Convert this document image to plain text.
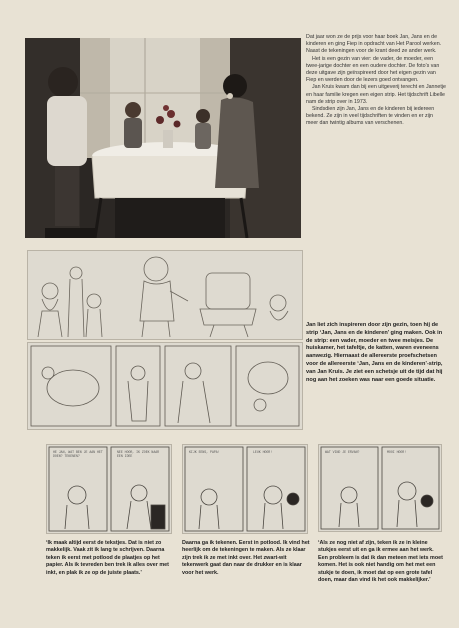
Dat jaar won ze de prijs voor haar boek Jan, Jans en de kinderen en ging Fiep in opdracht van Het Parool werken. Naast de tekeningen voor de krant deed ze ander werk.

Het is een gezin van vier: de vader, de moeder, een twee-jarige dochter en een oudere dochter. De foto’s van deze uitgave zijn geïnspireerd door het eigen gezin van Fiep en werden door de lezers goed ontvangen.

Jan Kruis kwam dan bij een uitgeverij terecht en Jannetje en haar familie kregen een eigen strip. Het tijdschrift Libelle nam de strip over in 1973.

Sindsdien zijn Jan, Jans en de kinderen bij iedereen bekend. Ze zijn in veel tijdschriften te vinden en er zijn meer dan twintig albums van verschenen.

Jan liet zich inspireren door zijn gezin, toen hij de strip ‘Jan, Jans en de kinderen’ ging maken. Ook in de strip: een vader, moeder en twee meisjes. De huiskamer, het tafeltje, de katten, waren eveneens aanwezig. Hiernaast de allereerste proefschetsen voor de allereerste ‘Jan, Jans en de kinderen’-strip, van Jan Kruis. Je ziet een schetsje uit de tijd dat hij nog aan het zoeken was naar een goede situatie.
HE JAN, WAT BEN JE AAN HET DOEN? TEKENEN?
NEE HOOR, IK ZOEK NAAR EEN IDEE
KIJK EENS, PAPA!	LEUK HOOR!	WAT VIND JE ERVAN?	MOOI HOOR!
‘Ik maak altijd eerst de tekstjes. Dat is niet zo makkelijk. Vaak zit ik lang te schrijven. Daarna teken ik eerst met potlood de plaatjes op het papier. Als ik tevreden ben trek ik alles over met inkt, en plak ik ze op de juiste plaats.’
Daarna ga ik tekenen. Eerst in potlood. Ik vind het heerlijk om de tekeningen te maken. Als ze klaar zijn trek ik ze met inkt over. Het zwart-wit tekenwerk gaat dan naar de drukker en is klaar voor het werk.
‘Als ze nog niet af zijn, teken ik ze in kleine stukjes eerst uit en ga ik ermee aan het werk. Een probleem is dat ik dan meteen met iets moet komen. Het is ook niet handig om het met een stukje te doen, ik moet dat op een grote tafel doen, maar dan vind ik het ook makkelijker.’
